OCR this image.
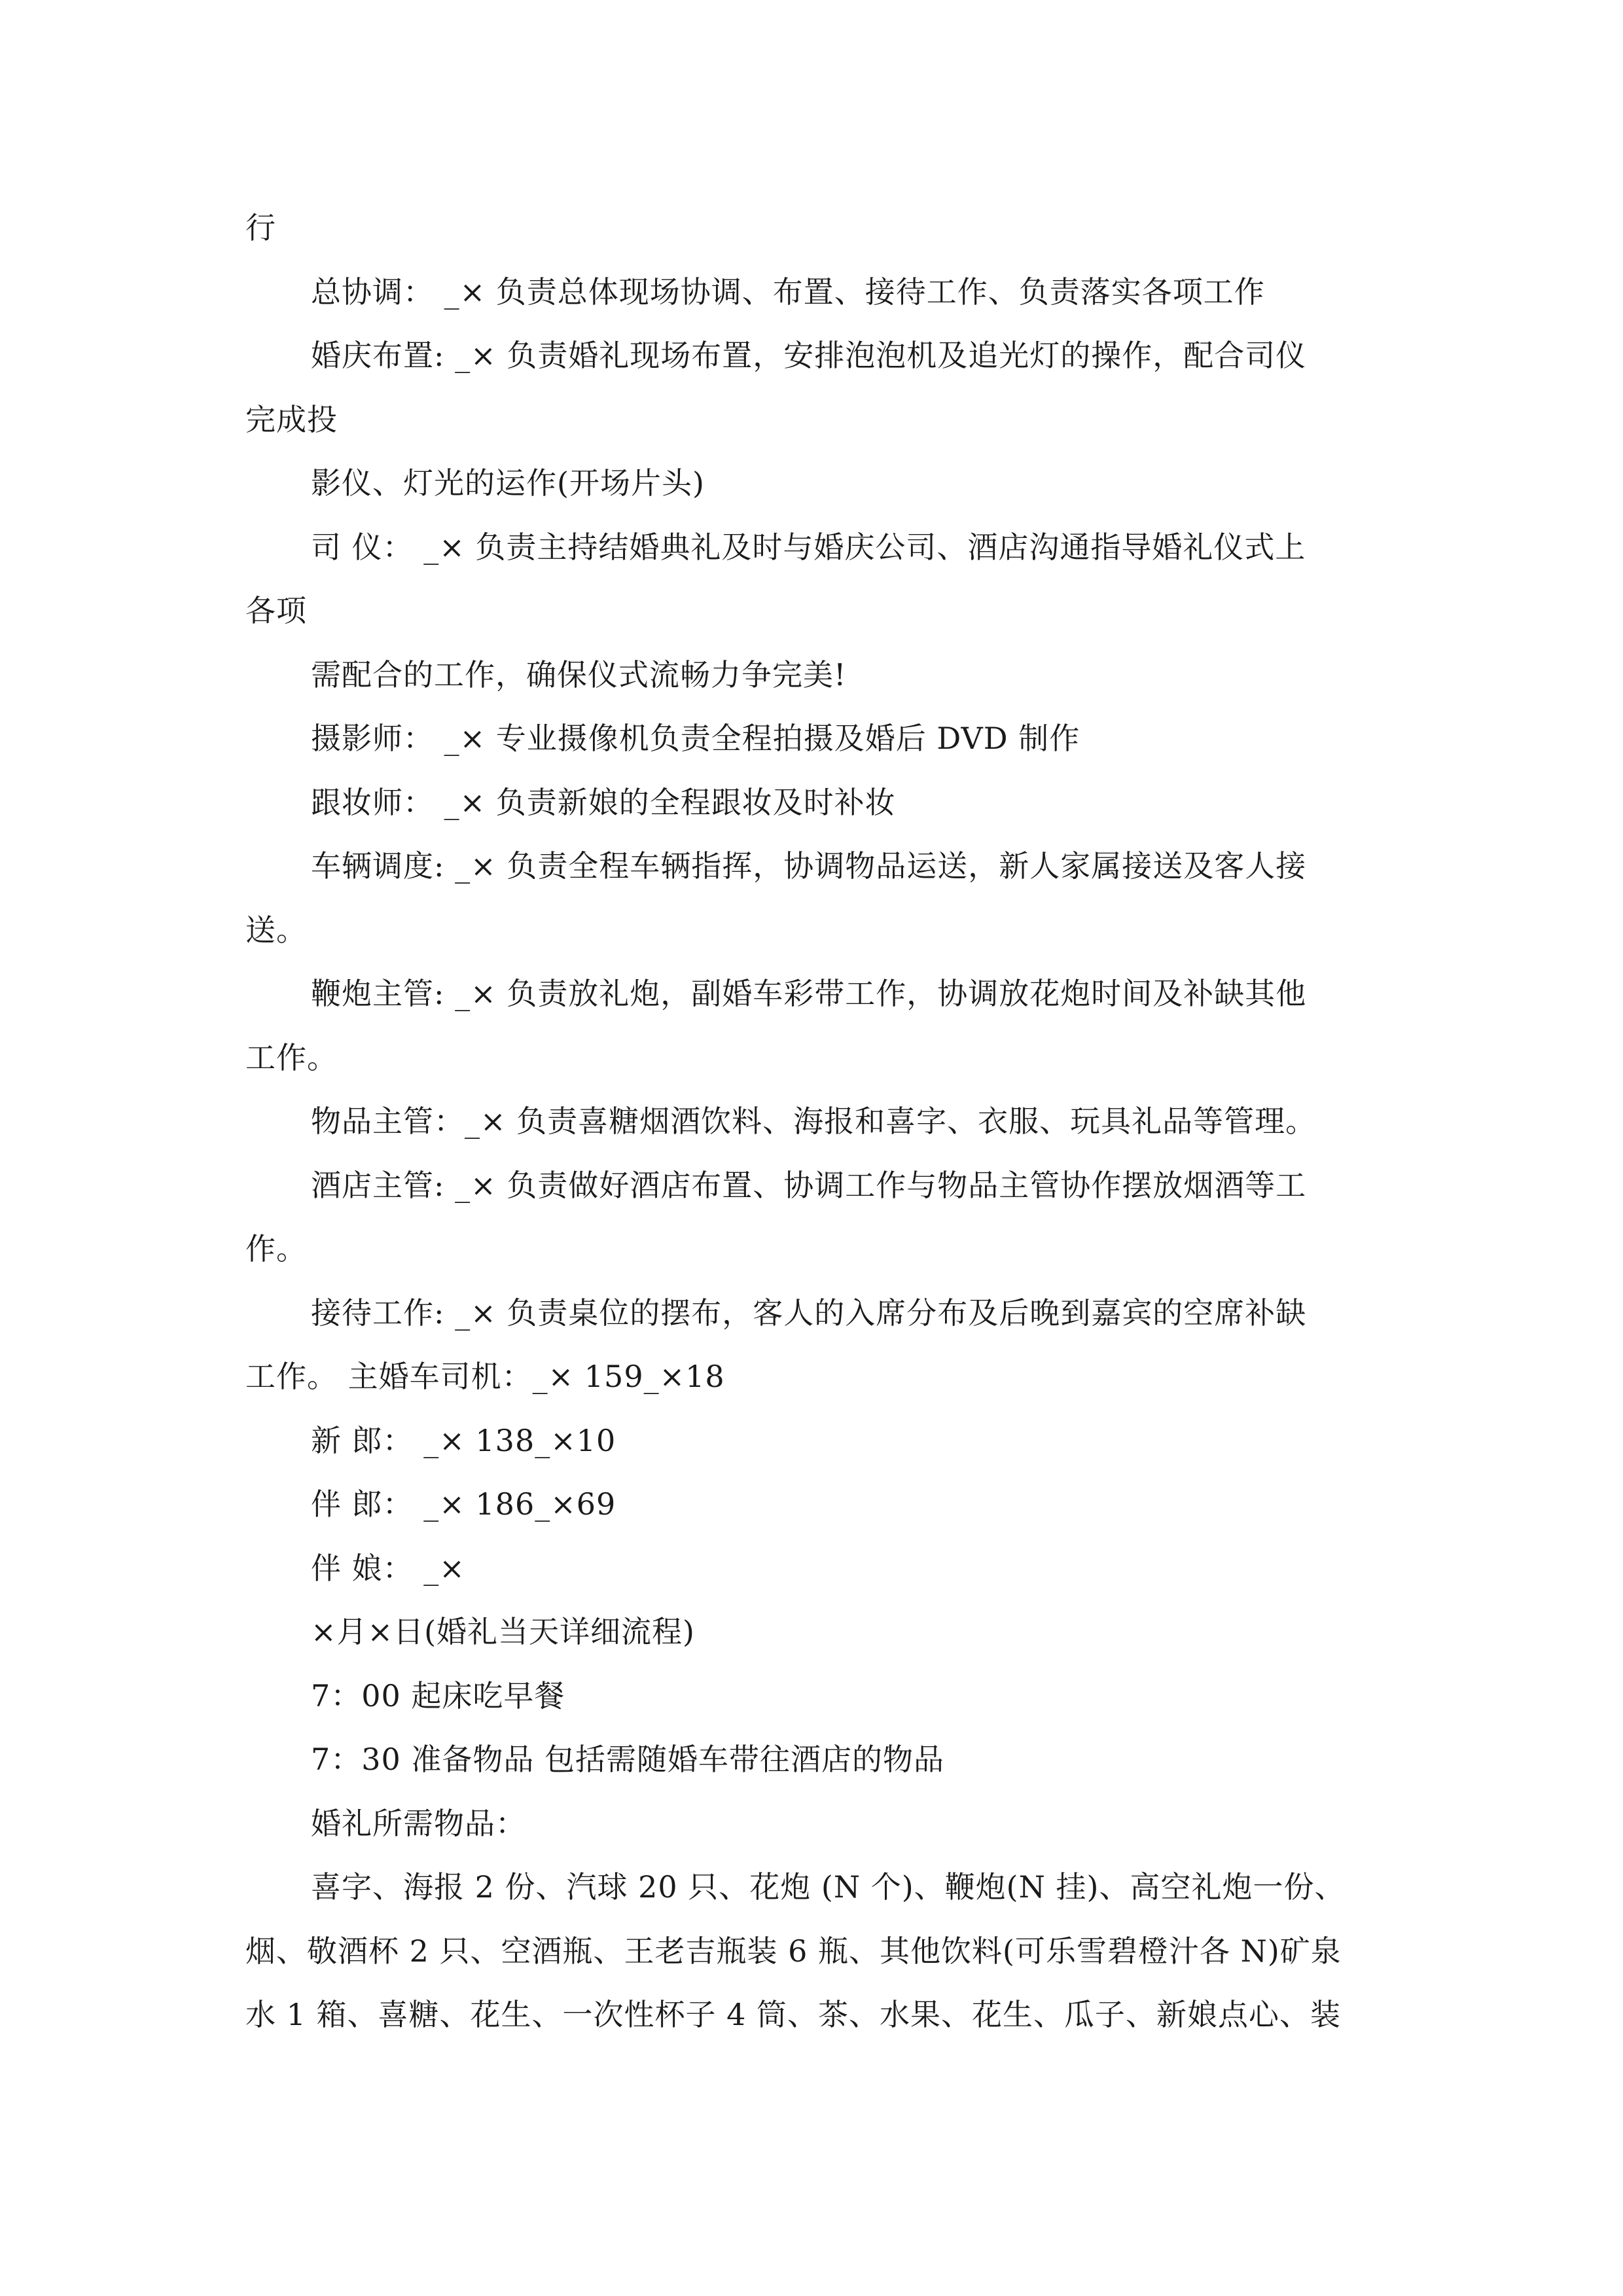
行
总协调： _× 负责总体现场协调、布置、接待工作、负责落实各项工作
婚庆布置: _× 负责婚礼现场布置，安排泡泡机及追光灯的操作，配合司仪
完成投
影仪、灯光的运作(开场片头)
司 仪： _× 负责主持结婚典礼及时与婚庆公司、酒店沟通指导婚礼仪式上
各项
需配合的工作，确保仪式流畅力争完美!
摄影师： _× 专业摄像机负责全程拍摄及婚后 DVD 制作
跟妆师： _× 负责新娘的全程跟妆及时补妆
车辆调度: _× 负责全程车辆指挥，协调物品运送，新人家属接送及客人接
送。
鞭炮主管: _× 负责放礼炮，副婚车彩带工作，协调放花炮时间及补缺其他
工作。
物品主管：_× 负责喜糖烟酒饮料、海报和喜字、衣服、玩具礼品等管理。
酒店主管: _× 负责做好酒店布置、协调工作与物品主管协作摆放烟酒等工
作。
接待工作: _× 负责桌位的摆布，客人的入席分布及后晚到嘉宾的空席补缺
工作。 主婚车司机：_× 159_×18
新 郎： _× 138_×10
伴 郎： _× 186_×69
伴 娘： _×
×月×日(婚礼当天详细流程)
7：00 起床吃早餐
7：30 准备物品 包括需随婚车带往酒店的物品
婚礼所需物品：
喜字、海报 2 份、汽球 20 只、花炮 (N 个)、鞭炮(N 挂)、高空礼炮一份、
烟、敬酒杯 2 只、空酒瓶、王老吉瓶装 6 瓶、其他饮料(可乐雪碧橙汁各 N)矿泉
水 1 箱、喜糖、花生、一次性杯子 4 筒、茶、水果、花生、瓜子、新娘点心、装
